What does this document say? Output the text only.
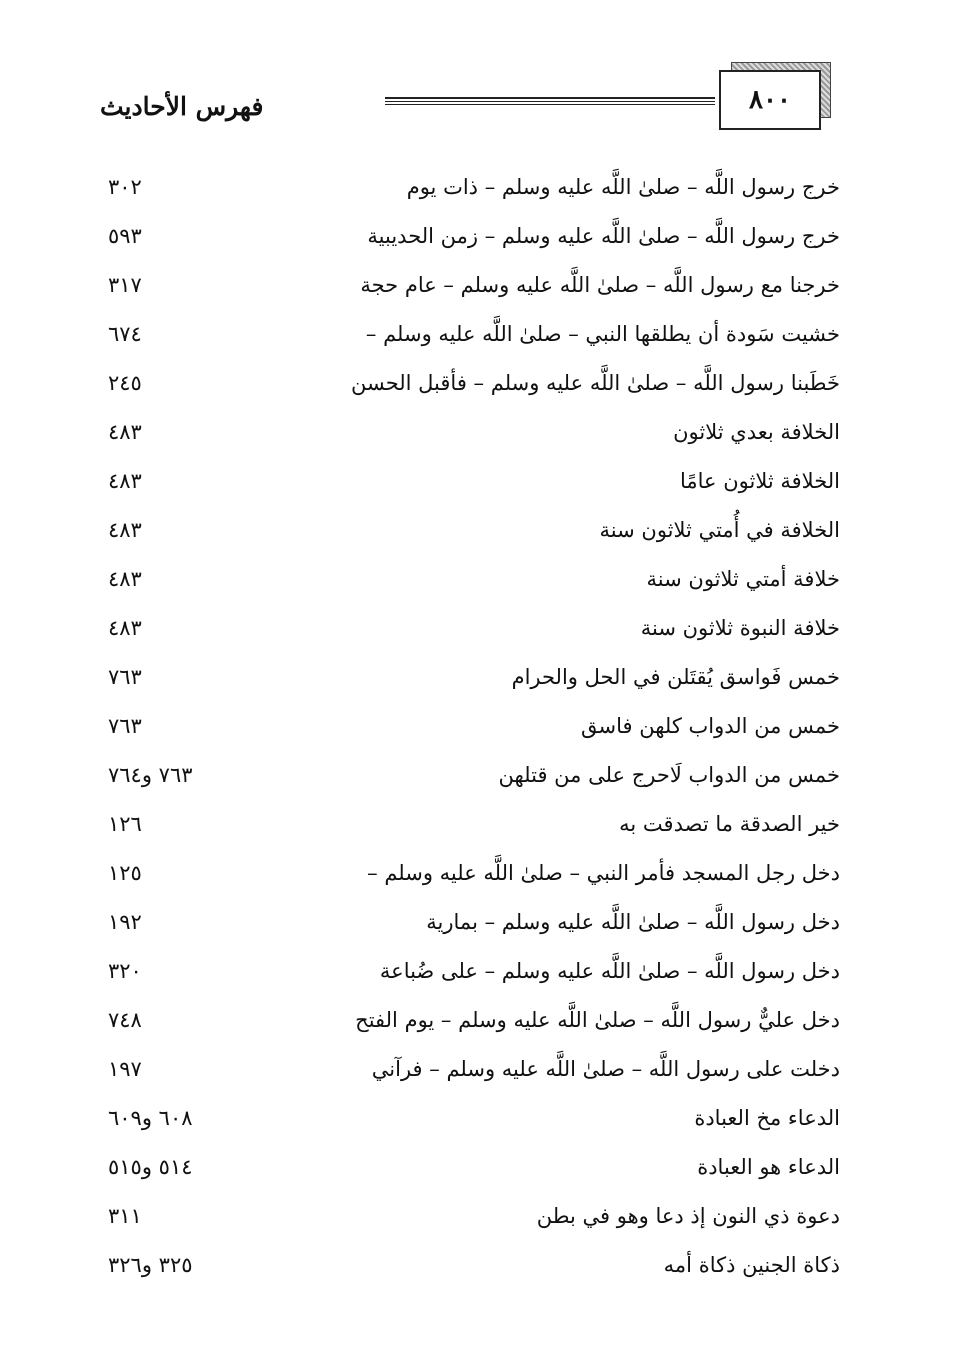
فهرس الأحاديث	٨٠٠
خرج رسول اللَّه – صلىٰ اللَّه عليه وسلم – ذات يوم
٣٠٢
خرج رسول اللَّه – صلىٰ اللَّه عليه وسلم – زمن الحديبية
٥٩٣
خرجنا مع رسول اللَّه – صلىٰ اللَّه عليه وسلم – عام حجة
٣١٧
خشيت سَودة أن يطلقها النبي – صلىٰ اللَّه عليه وسلم –
٦٧٤
خَطَبنا رسول اللَّه – صلىٰ اللَّه عليه وسلم – فأقبل الحسن
٢٤٥
الخلافة بعدي ثلاثون
٤٨٣
الخلافة ثلاثون عامًا
٤٨٣
الخلافة في أُمتي ثلاثون سنة
٤٨٣
خلافة أمتي ثلاثون سنة
٤٨٣
خلافة النبوة ثلاثون سنة
٤٨٣
خمس فَواسق يُقتَلن في الحل والحرام
٧٦٣
خمس من الدواب كلهن فاسق
٧٦٣
خمس من الدواب لَاحرج على من قتلهن
٧٦٣ و٧٦٤
خير الصدقة ما تصدقت به
١٢٦
دخل رجل المسجد فأمر النبي – صلىٰ اللَّه عليه وسلم –
١٢٥
دخل رسول اللَّه – صلىٰ اللَّه عليه وسلم – بمارية
١٩٢
دخل رسول اللَّه – صلىٰ اللَّه عليه وسلم – على ضُباعة
٣٢٠
دخل عليٌّ رسول اللَّه – صلىٰ اللَّه عليه وسلم – يوم الفتح
٧٤٨
دخلت على رسول اللَّه – صلىٰ اللَّه عليه وسلم – فرآني
١٩٧
الدعاء مخ العبادة
٦٠٨ و٦٠٩
الدعاء هو العبادة
٥١٤ و٥١٥
دعوة ذي النون إذ دعا وهو في بطن
٣١١
ذكاة الجنين ذكاة أمه
٣٢٥ و٣٢٦
